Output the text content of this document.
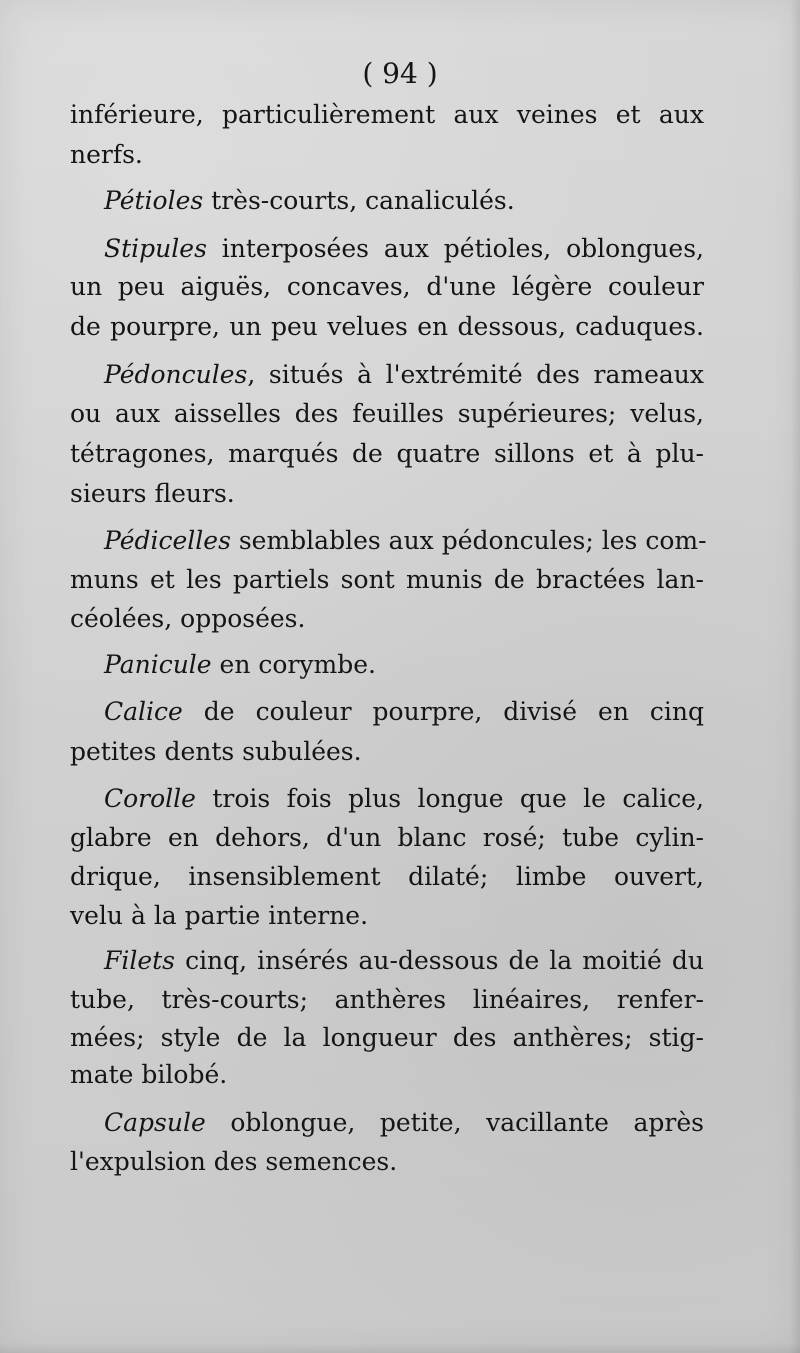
( 94 )
inférieure, particulièrement aux veines et aux
nerfs.
Pétioles très-courts, canaliculés.
Stipules interposées aux pétioles, oblongues,
un peu aiguës, concaves, d'une légère couleur
de pourpre, un peu velues en dessous, caduques.
Pédoncules, situés à l'extrémité des rameaux
ou aux aisselles des feuilles supérieures; velus,
tétragones, marqués de quatre sillons et à plu-
sieurs fleurs.
Pédicelles semblables aux pédoncules; les com-
muns et les partiels sont munis de bractées lan-
céolées, opposées.
Panicule en corymbe.
Calice de couleur pourpre, divisé en cinq
petites dents subulées.
Corolle trois fois plus longue que le calice,
glabre en dehors, d'un blanc rosé; tube cylin-
drique, insensiblement dilaté; limbe ouvert,
velu à la partie interne.
Filets cinq, insérés au-dessous de la moitié du
tube, très-courts; anthères linéaires, renfer-
mées; style de la longueur des anthères; stig-
mate bilobé.
Capsule oblongue, petite, vacillante après
l'expulsion des semences.
